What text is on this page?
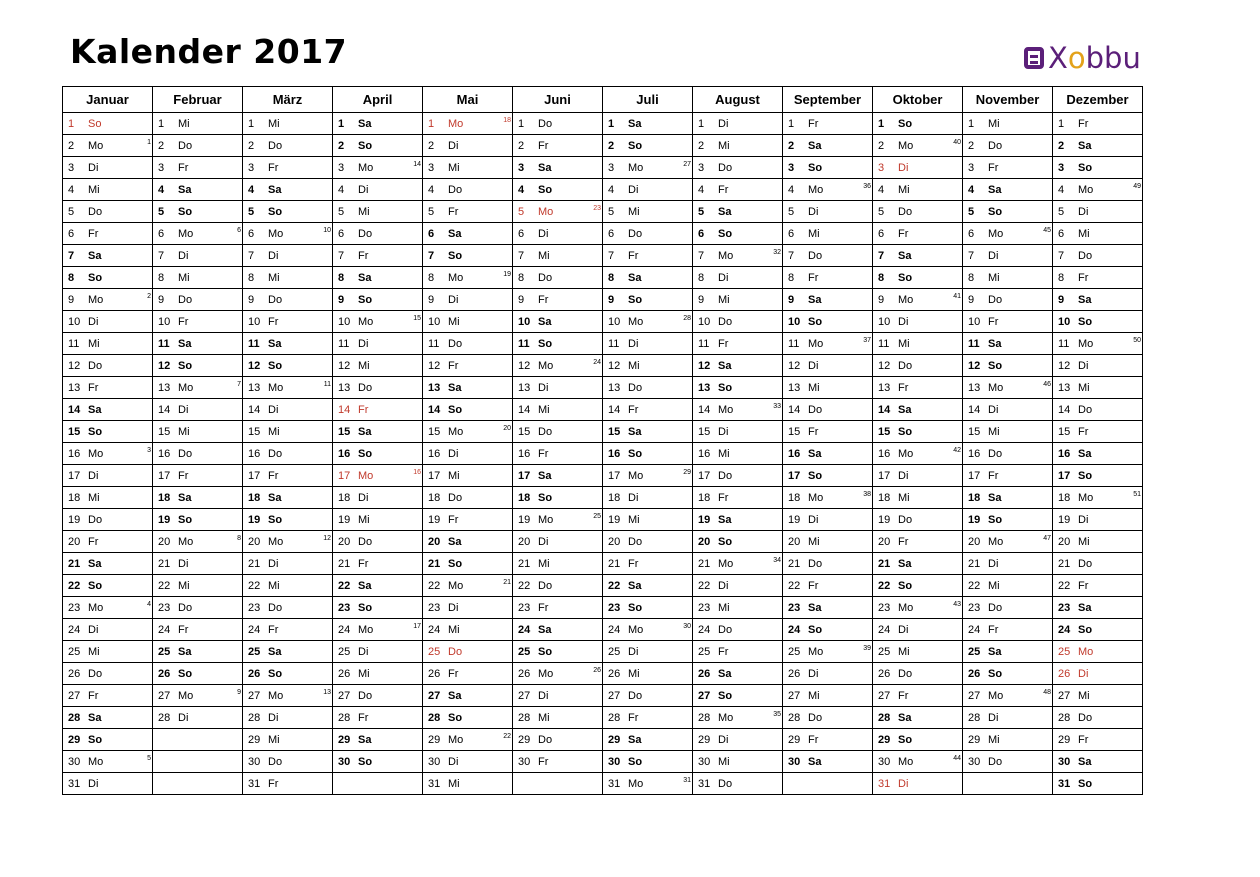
Kalender 2017	Xobbu
Januar	Februar	März	April	Mai	Juni	Juli	August	September	Oktober	November	Dezember
1 So	1 Mi	1 Mi	1 Sa	1 Mo 18	1 Do	1 Sa	1 Di	1 Fr	1 So	1 Mi	1 Fr
2 Mo 1	2 Do	2 Do	2 So	2 Di	2 Fr	2 So	2 Mi	2 Sa	2 Mo 40	2 Do	2 Sa
3 Di	3 Fr	3 Fr	3 Mo 14	3 Mi	3 Sa	3 Mo 27	3 Do	3 So	3 Di	3 Fr	3 So
4 Mi	4 Sa	4 Sa	4 Di	4 Do	4 So	4 Di	4 Fr	4 Mo 36	4 Mi	4 Sa	4 Mo 49

5 Do	5 So	5 So	5 Mi	5 Fr	5 Mo 23	5 Mi	5 Sa	5 Di	5 Do	5 So	5 Di
6 Fr	6 Mo 6	6 Mo 10	6 Do	6 Sa	6 Di	6 Do	6 So	6 Mi	6 Fr	6 Mo 45	6 Mi
7 Sa	7 Di	7 Di	7 Fr	7 So	7 Mi	7 Fr	7 Mo 32	7 Do	7 Sa	7 Di	7 Do
8 So	8 Mi	8 Mi	8 Sa	8 Mo 19	8 Do	8 Sa	8 Di	8 Fr	8 So	8 Mi	8 Fr
9 Mo 2	9 Do	9 Do	9 So	9 Di	9 Fr	9 So	9 Mi	9 Sa	9 Mo 41	9 Do	9 Sa
10 Di	10 Fr	10 Fr	10 Mo 15	10 Mi	10 Sa	10 Mo 28	10 Do	10 So	10 Di	10 Fr	10 So
11 Mi	11 Sa	11 Sa	11 Di	11 Do	11 So	11 Di	11 Fr	11 Mo 37	11 Mi	11 Sa	11 Mo 50

12 Do	12 So	12 So	12 Mi	12 Fr	12 Mo 24	12 Mi	12 Sa	12 Di	12 Do	12 So	12 Di
13 Fr	13 Mo 7	13 Mo 11	13 Do	13 Sa	13 Di	13 Do	13 So	13 Mi	13 Fr	13 Mo 46	13 Mi
14 Sa	14 Di	14 Di	14 Fr	14 So	14 Mi	14 Fr	14 Mo 33	14 Do	14 Sa	14 Di	14 Do
15 So	15 Mi	15 Mi	15 Sa	15 Mo 20	15 Do	15 Sa	15 Di	15 Fr	15 So	15 Mi	15 Fr
16 Mo 3	16 Do	16 Do	16 So	16 Di	16 Fr	16 So	16 Mi	16 Sa	16 Mo 42	16 Do	16 Sa
17 Di	17 Fr	17 Fr	17 Mo 16	17 Mi	17 Sa	17 Mo 29	17 Do	17 So	17 Di	17 Fr	17 So
18 Mi	18 Sa	18 Sa	18 Di	18 Do	18 So	18 Di	18 Fr	18 Mo 38	18 Mi	18 Sa	18 Mo 51

19 Do	19 So	19 So	19 Mi	19 Fr	19 Mo 25	19 Mi	19 Sa	19 Di	19 Do	19 So	19 Di
20 Fr	20 Mo 8	20 Mo 12	20 Do	20 Sa	20 Di	20 Do	20 So	20 Mi	20 Fr	20 Mo 47	20 Mi
21 Sa	21 Di	21 Di	21 Fr	21 So	21 Mi	21 Fr	21 Mo 34	21 Do	21 Sa	21 Di	21 Do
22 So	22 Mi	22 Mi	22 Sa	22 Mo 21	22 Do	22 Sa	22 Di	22 Fr	22 So	22 Mi	22 Fr
23 Mo 4	23 Do	23 Do	23 So	23 Di	23 Fr	23 So	23 Mi	23 Sa	23 Mo 43	23 Do	23 Sa
24 Di	24 Fr	24 Fr	24 Mo 17	24 Mi	24 Sa	24 Mo 30	24 Do	24 So	24 Di	24 Fr	24 So
25 Mi	25 Sa	25 Sa	25 Di	25 Do	25 So	25 Di	25 Fr	25 Mo 39	25 Mi	25 Sa	25 Mo
26 Do	26 So	26 So	26 Mi	26 Fr	26 Mo 26	26 Mi	26 Sa	26 Di	26 Do	26 So	26 Di
27 Fr	27 Mo 9	27 Mo 13	27 Do	27 Sa	27 Di	27 Do	27 So	27 Mi	27 Fr	27 Mo 48	27 Mi
28 Sa	28 Di	28 Di	28 Fr	28 So	28 Mi	28 Fr	28 Mo 35	28 Do	28 Sa	28 Di	28 Do
29 So		29 Mi	29 Sa	29 Mo 22	29 Do	29 Sa	29 Di	29 Fr	29 So	29 Mi	29 Fr
30 Mo 5		30 Do	30 So	30 Di	30 Fr	30 So	30 Mi	30 Sa	30 Mo 44	30 Do	30 Sa
31 Di		31 Fr		31 Mi		31 Mo 31	31 Do		31 Di		31 So
